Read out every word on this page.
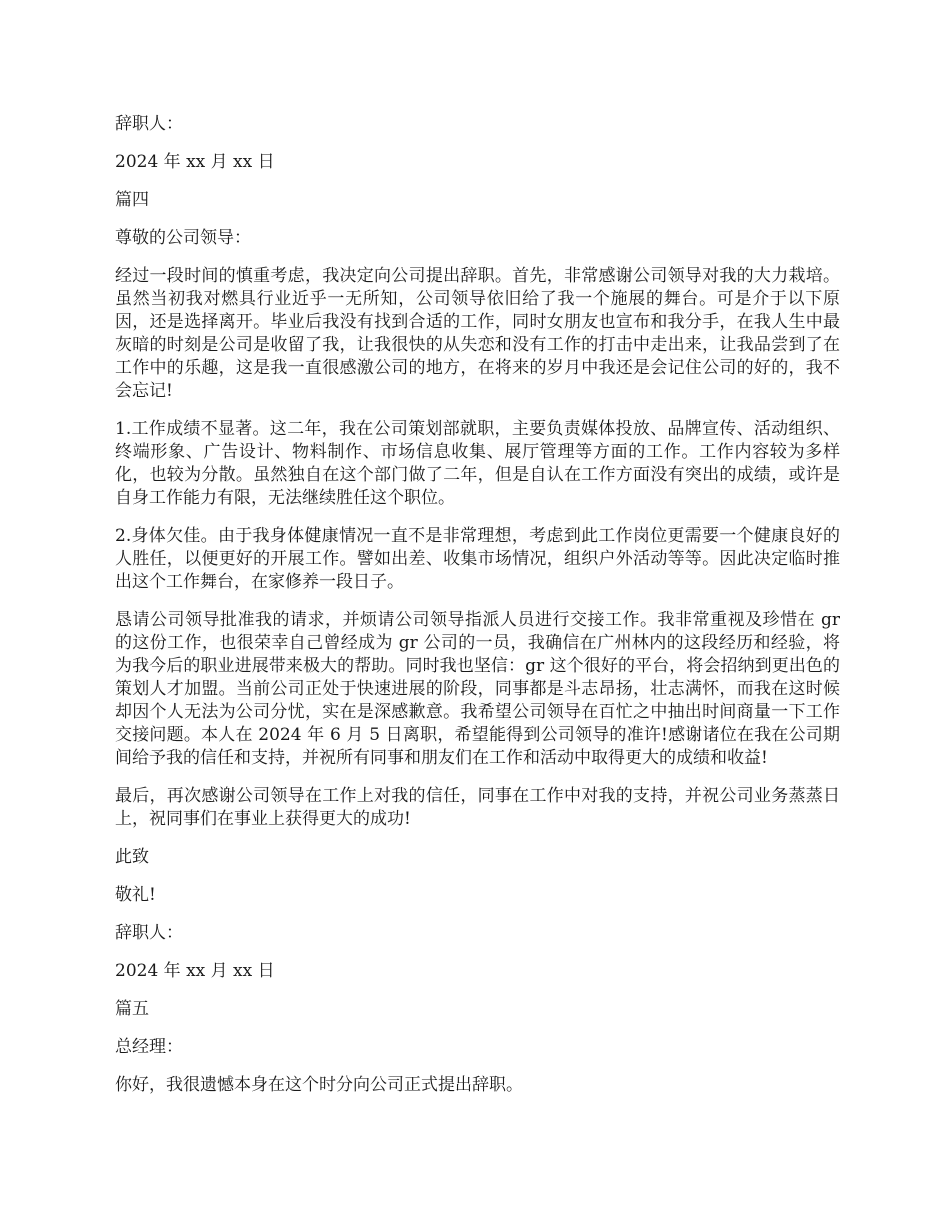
辞职人：

2024 年 xx 月 xx 日

篇四

尊敬的公司领导：

经过一段时间的慎重考虑，我决定向公司提出辞职。首先，非常感谢公司领导对我的大力栽培。虽然当初我对燃具行业近乎一无所知，公司领导依旧给了我一个施展的舞台。可是介于以下原因，还是选择离开。毕业后我没有找到合适的工作，同时女朋友也宣布和我分手，在我人生中最灰暗的时刻是公司是收留了我，让我很快的从失恋和没有工作的打击中走出来，让我品尝到了在工作中的乐趣，这是我一直很感激公司的地方，在将来的岁月中我还是会记住公司的好的，我不会忘记!

1.工作成绩不显著。这二年，我在公司策划部就职，主要负责媒体投放、品牌宣传、活动组织、终端形象、广告设计、物料制作、市场信息收集、展厅管理等方面的工作。工作内容较为多样化，也较为分散。虽然独自在这个部门做了二年，但是自认在工作方面没有突出的成绩，或许是自身工作能力有限，无法继续胜任这个职位。

2.身体欠佳。由于我身体健康情况一直不是非常理想，考虑到此工作岗位更需要一个健康良好的人胜任，以便更好的开展工作。譬如出差、收集市场情况，组织户外活动等等。因此决定临时推出这个工作舞台，在家修养一段日子。

恳请公司领导批准我的请求，并烦请公司领导指派人员进行交接工作。我非常重视及珍惜在 gr 的这份工作，也很荣幸自己曾经成为 gr 公司的一员，我确信在广州林内的这段经历和经验，将为我今后的职业进展带来极大的帮助。同时我也坚信：gr 这个很好的平台，将会招纳到更出色的策划人才加盟。当前公司正处于快速进展的阶段，同事都是斗志昂扬，壮志满怀，而我在这时候却因个人无法为公司分忧，实在是深感歉意。我希望公司领导在百忙之中抽出时间商量一下工作交接问题。本人在 2024 年 6 月 5 日离职，希望能得到公司领导的准许!感谢诸位在我在公司期间给予我的信任和支持，并祝所有同事和朋友们在工作和活动中取得更大的成绩和收益!

最后，再次感谢公司领导在工作上对我的信任，同事在工作中对我的支持，并祝公司业务蒸蒸日上，祝同事们在事业上获得更大的成功!

此致

敬礼!

辞职人：

2024 年 xx 月 xx 日

篇五

总经理：

你好，我很遗憾本身在这个时分向公司正式提出辞职。
